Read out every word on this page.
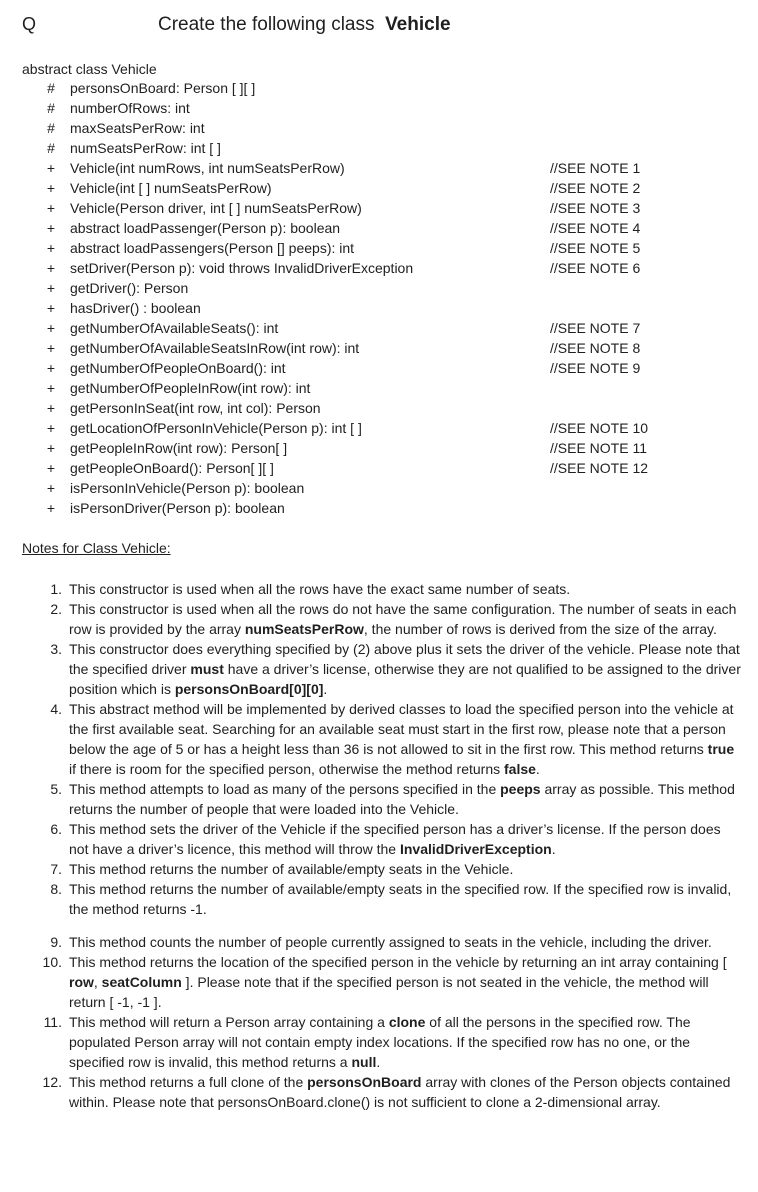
Q	Create the following class Vehicle
abstract class Vehicle
# personsOnBoard: Person [ ][ ]
# numberOfRows: int
# maxSeatsPerRow: int
# numSeatsPerRow: int [ ]
+ Vehicle(int numRows, int numSeatsPerRow)	//SEE NOTE 1
+ Vehicle(int [ ] numSeatsPerRow)	//SEE NOTE 2
+ Vehicle(Person driver, int [ ] numSeatsPerRow)	//SEE NOTE 3
+ abstract loadPassenger(Person p): boolean	//SEE NOTE 4
+ abstract loadPassengers(Person [] peeps): int	//SEE NOTE 5
+ setDriver(Person p): void throws InvalidDriverException	//SEE NOTE 6
+ getDriver(): Person
+ hasDriver() : boolean
+ getNumberOfAvailableSeats(): int	//SEE NOTE 7
+ getNumberOfAvailableSeatsInRow(int row): int	//SEE NOTE 8
+ getNumberOfPeopleOnBoard(): int	//SEE NOTE 9
+ getNumberOfPeopleInRow(int row): int
+ getPersonInSeat(int row, int col): Person
+ getLocationOfPersonInVehicle(Person p): int [ ]	//SEE NOTE 10
+ getPeopleInRow(int row): Person[ ]	//SEE NOTE 11
+ getPeopleOnBoard(): Person[ ][ ]	//SEE NOTE 12
+ isPersonInVehicle(Person p): boolean
+ isPersonDriver(Person p): boolean
Notes for Class Vehicle:
1. This constructor is used when all the rows have the exact same number of seats.
2. This constructor is used when all the rows do not have the same configuration. The number of seats in each row is provided by the array numSeatsPerRow, the number of rows is derived from the size of the array.
3. This constructor does everything specified by (2) above plus it sets the driver of the vehicle. Please note that the specified driver must have a driver’s license, otherwise they are not qualified to be assigned to the driver position which is personsOnBoard[0][0].
4. This abstract method will be implemented by derived classes to load the specified person into the vehicle at the first available seat. Searching for an available seat must start in the first row, please note that a person below the age of 5 or has a height less than 36 is not allowed to sit in the first row. This method returns true if there is room for the specified person, otherwise the method returns false.
5. This method attempts to load as many of the persons specified in the peeps array as possible. This method returns the number of people that were loaded into the Vehicle.
6. This method sets the driver of the Vehicle if the specified person has a driver’s license. If the person does not have a driver’s licence, this method will throw the InvalidDriverException.
7. This method returns the number of available/empty seats in the Vehicle.
8. This method returns the number of available/empty seats in the specified row. If the specified row is invalid, the method returns -1.
9. This method counts the number of people currently assigned to seats in the vehicle, including the driver.
10. This method returns the location of the specified person in the vehicle by returning an int array containing [ row, seatColumn ]. Please note that if the specified person is not seated in the vehicle, the method will return [ -1, -1 ].
11. This method will return a Person array containing a clone of all the persons in the specified row. The populated Person array will not contain empty index locations. If the specified row has no one, or the specified row is invalid, this method returns a null.
12. This method returns a full clone of the personsOnBoard array with clones of the Person objects contained within. Please note that personsOnBoard.clone() is not sufficient to clone a 2-dimensional array.
